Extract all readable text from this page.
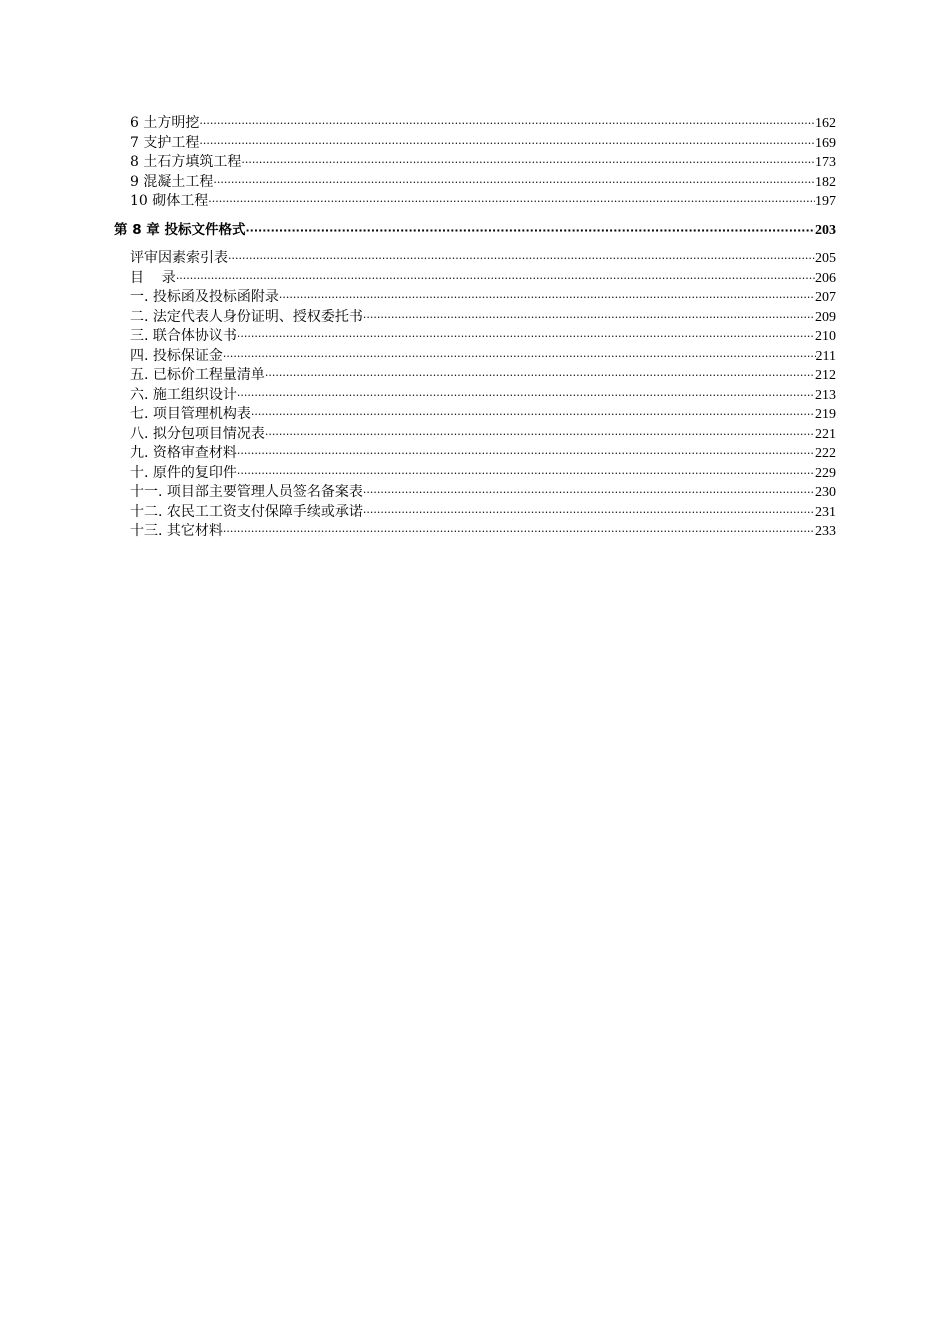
6 土方明挖 ·····	162
7 支护工程 ·····	169
8 土石方填筑工程 ·····	173
9 混凝土工程 ·····	182
10 砌体工程 ·····	197
第 8 章 投标文件格式 ·····	203
评审因素索引表 ·····	205
目    录 ·····	206
一. 投标函及投标函附录 ·····	207
二. 法定代表人身份证明、授权委托书 ·····	209
三. 联合体协议书 ·····	210
四. 投标保证金 ·····	211
五. 已标价工程量清单 ·····	212
六. 施工组织设计 ·····	213
七. 项目管理机构表 ·····	219
八. 拟分包项目情况表 ·····	221
九. 资格审查材料 ·····	222
十. 原件的复印件 ·····	229
十一. 项目部主要管理人员签名备案表 ·····	230
十二. 农民工工资支付保障手续或承诺 ·····	231
十三. 其它材料 ·····	233
